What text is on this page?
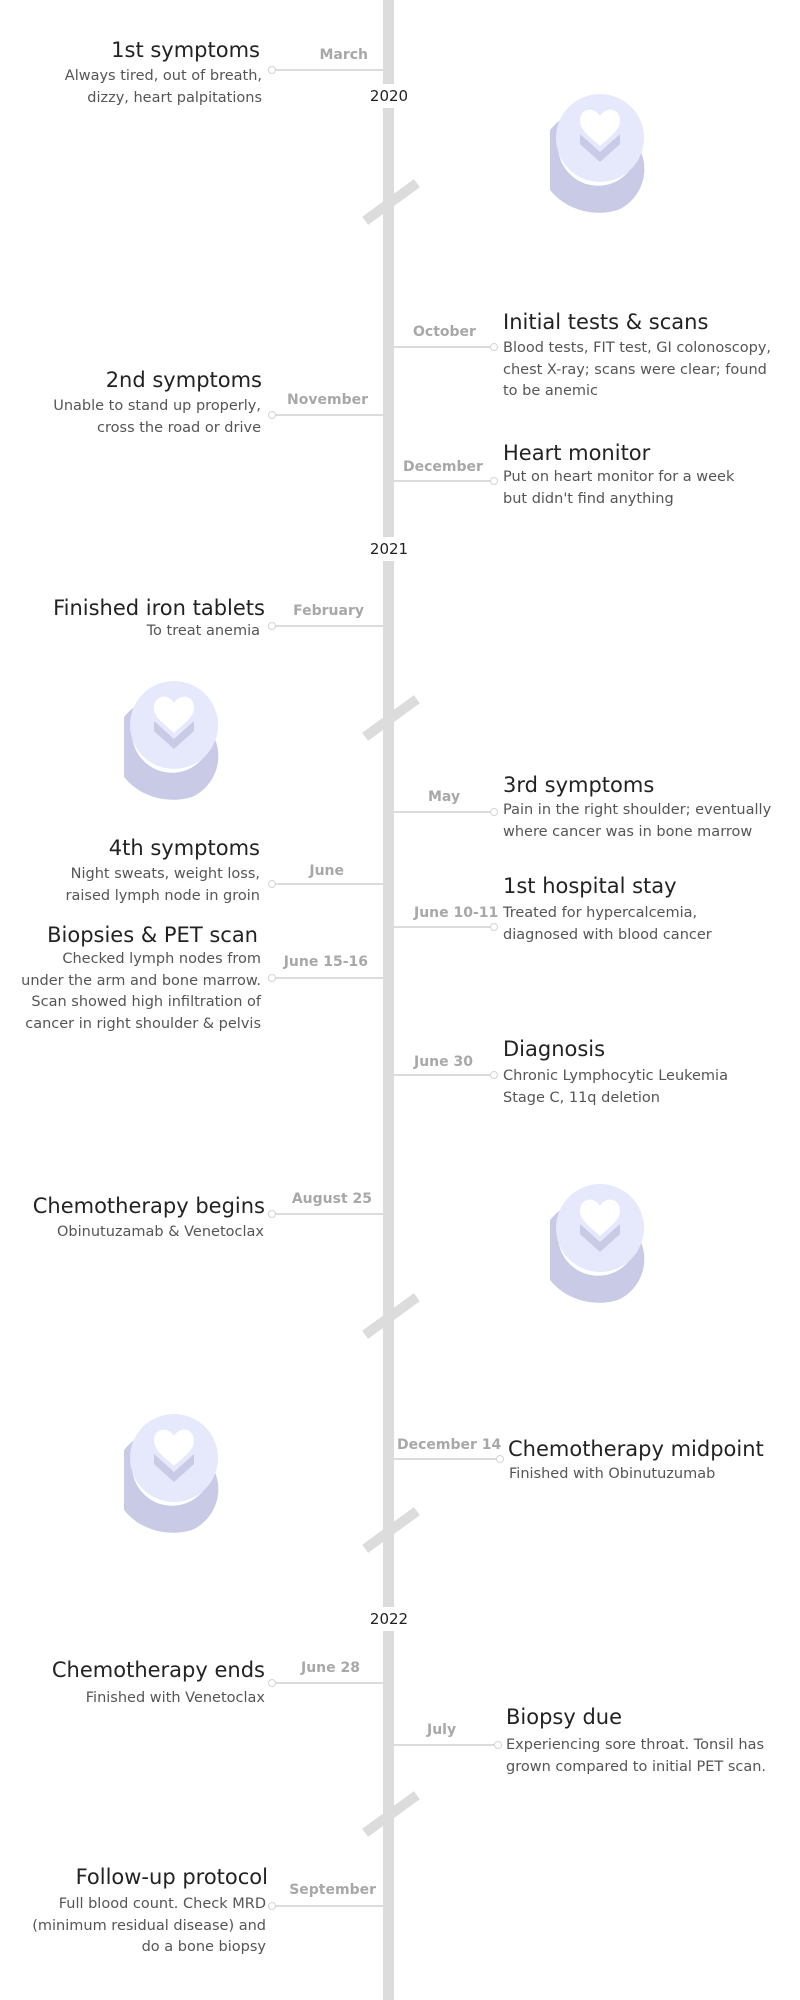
2020
2021
2022
March
1st symptoms
Always tired, out of breath,
dizzy, heart palpitations
October Initial tests & scans
Blood tests, FIT test, GI colonoscopy,
chest X-ray; scans were clear; found
to be anemic
November
2nd symptoms
Unable to stand up properly,
cross the road or drive
December
Heart monitor
Put on heart monitor for a week
but didn't find anything
February
Finished iron tablets
To treat anemia
May 3rd symptoms
Pain in the right shoulder; eventually
where cancer was in bone marrow
June
4th symptoms
Night sweats, weight loss,
raised lymph node in groin
June 10-11
1st hospital stay
Treated for hypercalcemia,
diagnosed with blood cancer
June 15-16
Biopsies & PET scan
Checked lymph nodes from
under the arm and bone marrow.
Scan showed high infiltration of
cancer in right shoulder & pelvis
June 30
Diagnosis
Chronic Lymphocytic Leukemia
Stage C, 11q deletion
August 25
Chemotherapy begins
Obinutuzamab & Venetoclax
December 14 Chemotherapy midpoint
Finished with Obinutuzumab
June 28
Chemotherapy ends
Finished with Venetoclax
July
Biopsy due
Experiencing sore throat. Tonsil has
grown compared to initial PET scan.
September
Follow-up protocol
Full blood count. Check MRD
(minimum residual disease) and
do a bone biopsy
